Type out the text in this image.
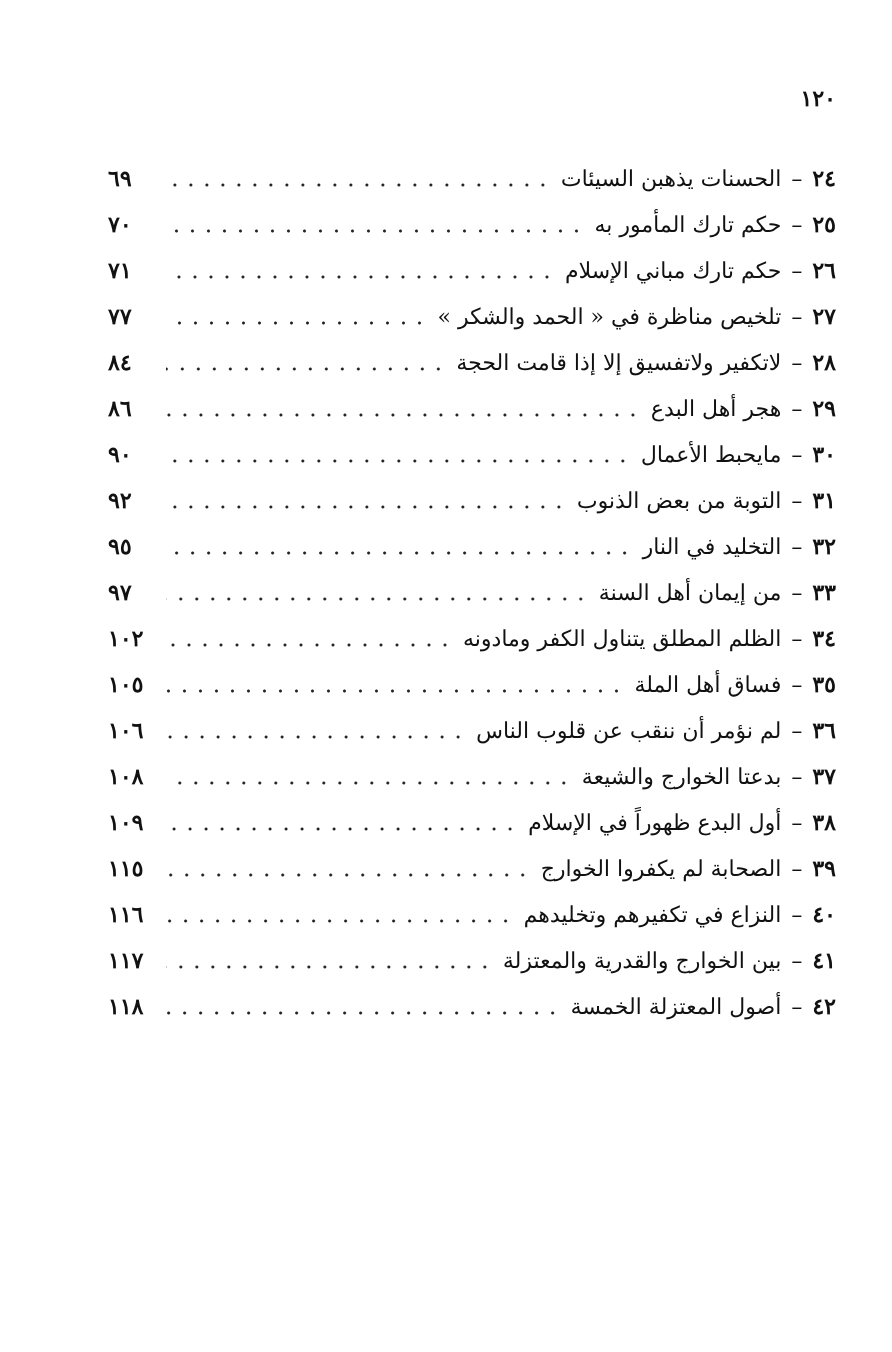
١٢٠
٢٤
–
الحسنات يذهبن السيئات
٦٩
٢٥
–
حكم تارك المأمور به
٧٠
٢٦
–
حكم تارك مباني الإسلام
٧١
٢٧
–
تلخيص مناظرة في « الحمد والشكر »
٧٧
٢٨
–
لاتكفير ولاتفسيق إلا إذا قامت الحجة
٨٤
٢٩
–
هجر أهل البدع
٨٦
٣٠
–
مايحبط الأعمال
٩٠
٣١
–
التوبة من بعض الذنوب
٩٢
٣٢
–
التخليد في النار
٩٥
٣٣
–
من إيمان أهل السنة
٩٧
٣٤
–
الظلم المطلق يتناول الكفر ومادونه
١٠٢
٣٥
–
فساق أهل الملة
١٠٥
٣٦
–
لم نؤمر أن ننقب عن قلوب الناس
١٠٦
٣٧
–
بدعتا الخوارج والشيعة
١٠٨
٣٨
–
أول البدع ظهوراً في الإسلام
١٠٩
٣٩
–
الصحابة لم يكفروا الخوارج
١١٥
٤٠
–
النزاع في تكفيرهم وتخليدهم
١١٦
٤١
–
بين الخوارج والقدرية والمعتزلة
١١٧
٤٢
–
أصول المعتزلة الخمسة
١١٨
